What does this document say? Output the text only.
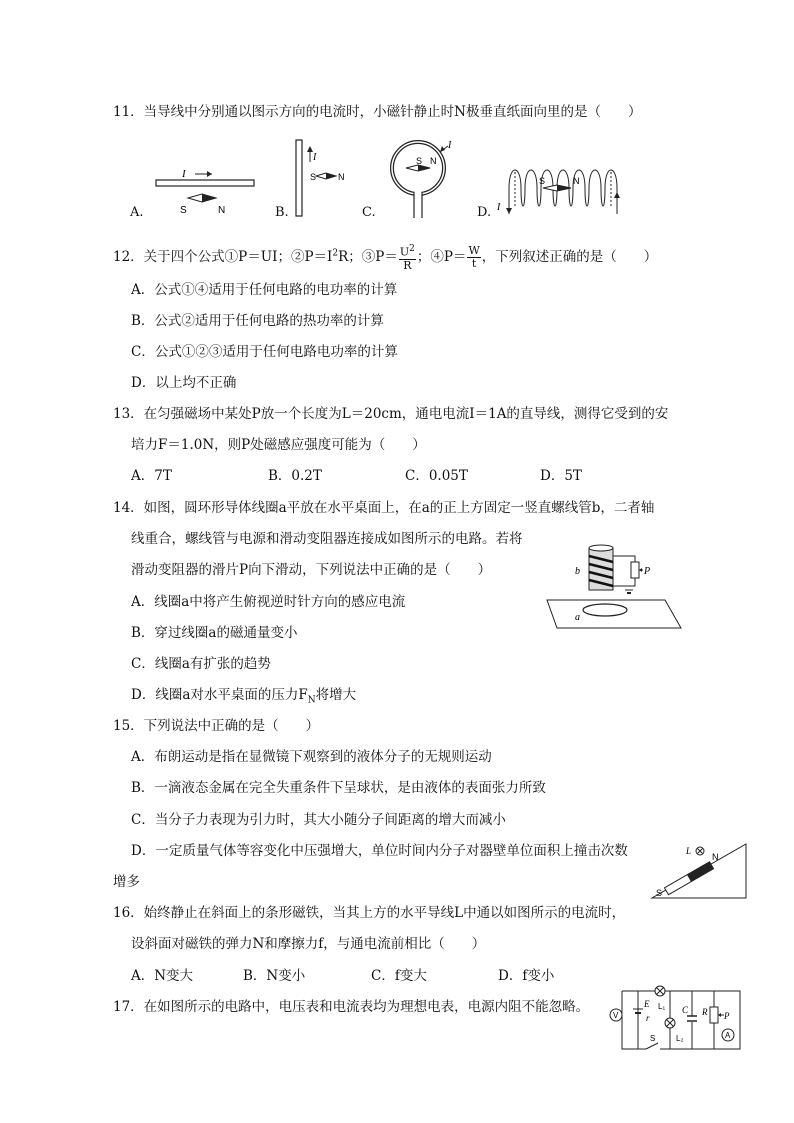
11．当导线中分别通以图示方向的电流时，小磁针静止时N极垂直纸面向里的是（　　）
A.	B.	C.	D.
I
S	N
I
S N
S N
I
S	N
I
12．关于四个公式①P＝UI；$②P=I^2R$；③P＝ $\frac{U^2}{R}$ ；④P＝ $\frac{W}{t}$ ，下列叙述正确的是（　　）
A．公式①④适用于任何电路的电功率的计算
B．公式②适用于任何电路的热功率的计算
C．公式①②③适用于任何电路电功率的计算
D．以上均不正确
13．在匀强磁场中某处P放一个长度为L＝20cm，通电电流I＝1A的直导线，测得它受到的安
培力F＝1.0N，则P处磁感应强度可能为（　　）
A．7T	B．0.2T	C．0.05T	D．5T
14．如图，圆环形导体线圈a平放在水平桌面上，在a的正上方固定一竖直螺线管b，二者轴
线重合，螺线管与电源和滑动变阻器连接成如图所示的电路。若将
滑动变阻器的滑片P向下滑动，下列说法中正确的是（　　）
A．线圈a中将产生俯视逆时针方向的感应电流
B．穿过线圈a的磁通量变小
C．线圈a有扩张的趋势
D．线圈a对水平桌面的压力$F_N$将增大
a
b	P
15．下列说法中正确的是（　　）
A．布朗运动是指在显微镜下观察到的液体分子的无规则运动
B．一滴液态金属在完全失重条件下呈球状，是由液体的表面张力所致
C．当分子力表现为引力时，其大小随分子间距离的增大而减小
D．一定质量气体等容变化中压强增大，单位时间内分子对器壁单位面积上撞击次数
增多
S
N
L
16．始终静止在斜面上的条形磁铁，当其上方的水平导线L中通以如图所示的电流时，
设斜面对磁铁的弹力N和摩擦力f，与通电流前相比（　　）
A．N变大	B．N变小	C．f变大	D．f变小
17．在如图所示的电路中，电压表和电流表均为理想电表，电源内阻不能忽略。
V
E
r
L₁
L₂
C R P
A
S
